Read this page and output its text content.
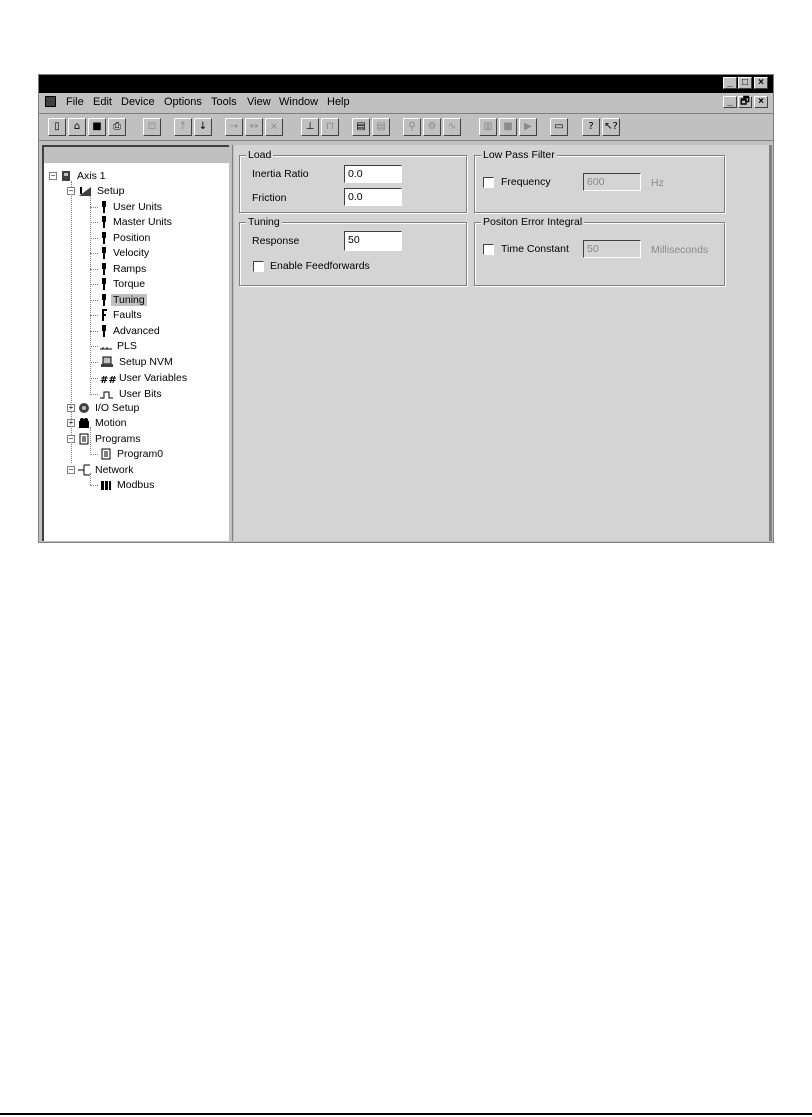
_ □	×
File Edit Device Options Tools View Window Help	_ 🗗 ×
▯	⌂	■	⎙	⊡	↑	↓	→	↔	×	⊥	⊓	▤	▤	⚲	⚙	∿	▥	■	▶	▭	?	↖?
−	Axis 1
−	Setup
User Units
Master Units
Position
Velocity
Ramps
Torque
Tuning
Faults
Advanced
PLS
Setup NVM
## User Variables
User Bits
+	I/O Setup
+	Motion
−	Programs
Program0
−	Network
Modbus
Load
Inertia Ratio	0.0
Friction	0.0
Tuning
Response	50
Enable Feedforwards
Low Pass Filter
Frequency	600	Hz
Positon Error Integral
Time Constant	50	Milliseconds
